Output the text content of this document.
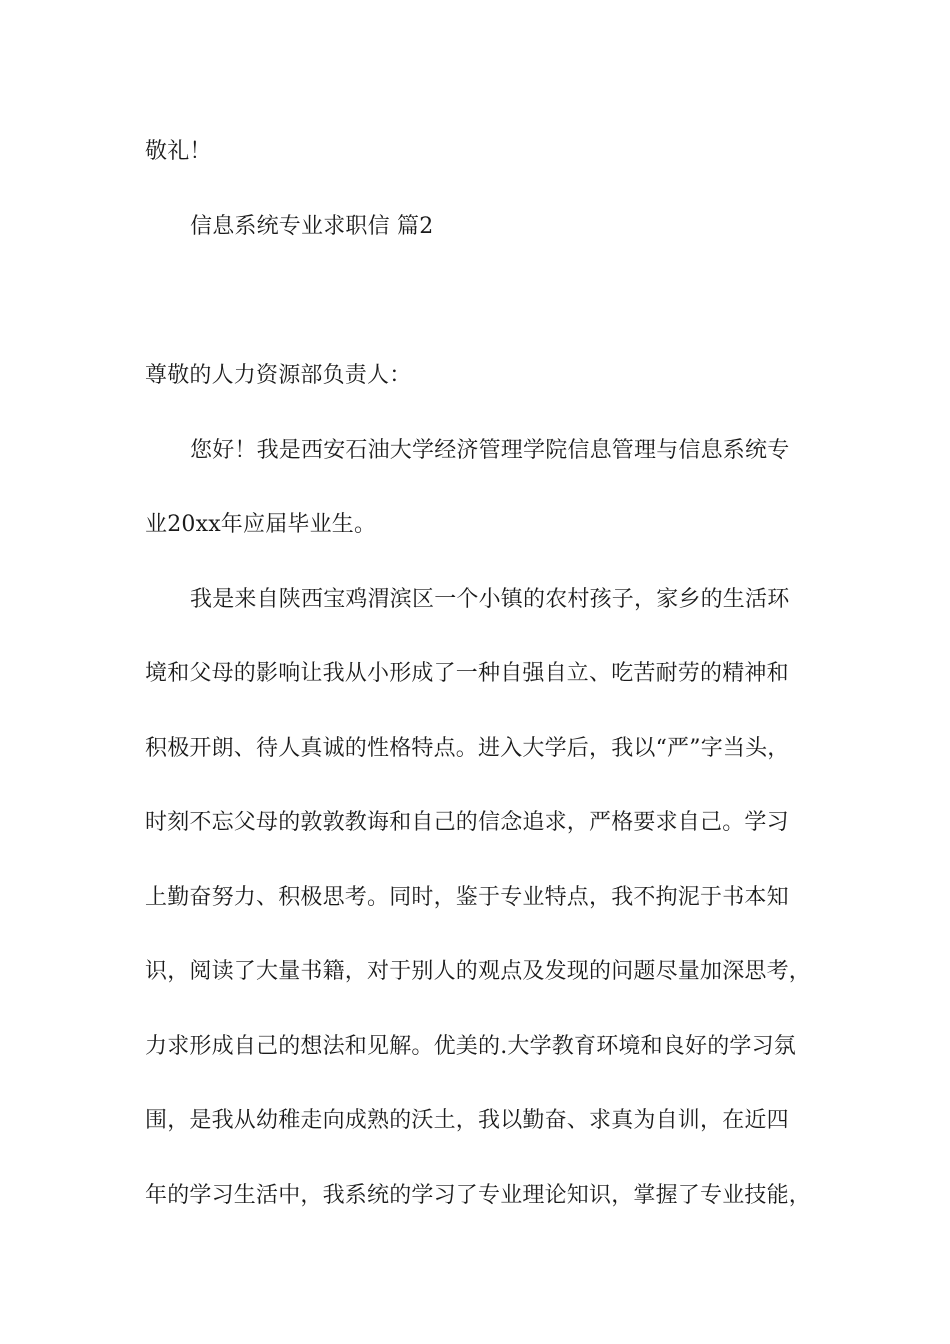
敬礼！

信息系统专业求职信 篇2

尊敬的人力资源部负责人：

您好！我是西安石油大学经济管理学院信息管理与信息系统专

业20xx年应届毕业生。

我是来自陕西宝鸡渭滨区一个小镇的农村孩子，家乡的生活环

境和父母的影响让我从小形成了一种自强自立、吃苦耐劳的精神和

积极开朗、待人真诚的性格特点。进入大学后，我以“严”字当头，

时刻不忘父母的敦敦教诲和自己的信念追求，严格要求自己。学习

上勤奋努力、积极思考。同时，鉴于专业特点，我不拘泥于书本知

识，阅读了大量书籍，对于别人的观点及发现的问题尽量加深思考，

力求形成自己的想法和见解。优美的.大学教育环境和良好的学习氛

围，是我从幼稚走向成熟的沃土，我以勤奋、求真为自训，在近四

年的学习生活中，我系统的学习了专业理论知识，掌握了专业技能，
